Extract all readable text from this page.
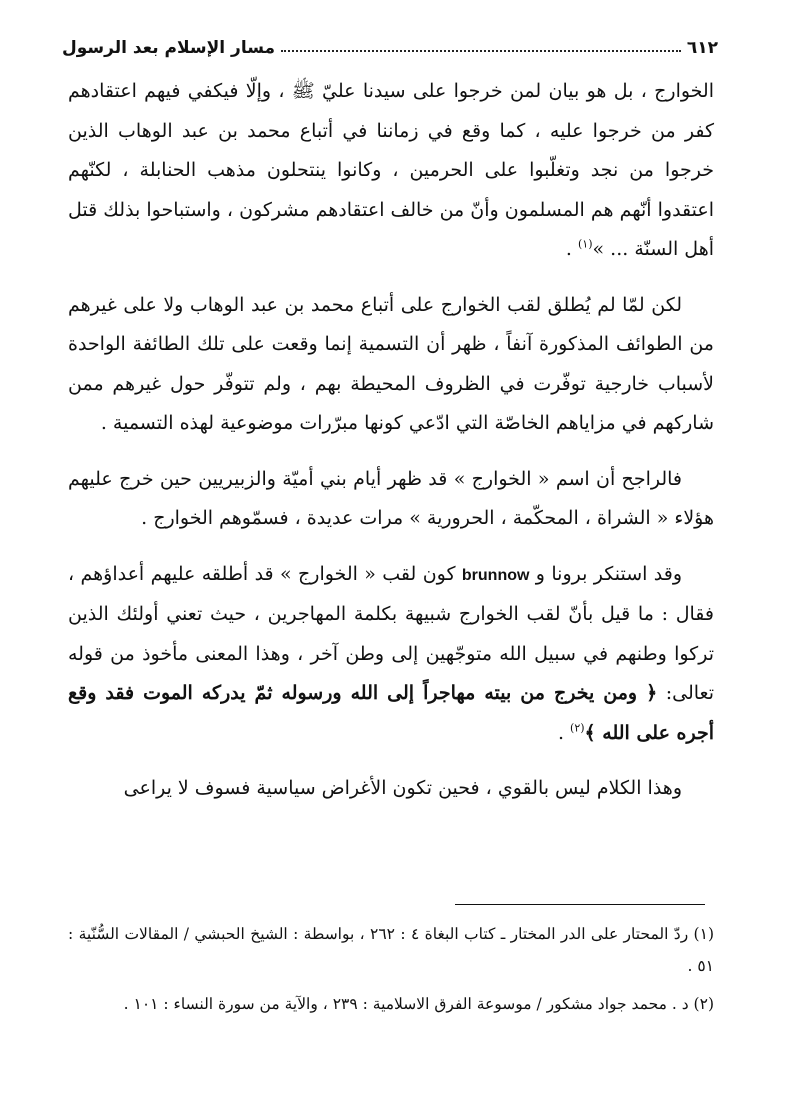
٦١٢
مسار الإسلام بعد الرسول

الخوارج ، بل هو بيان لمن خرجوا على سيدنا عليّ ﷺ ، وإلّا فيكفي فيهم اعتقادهم كفر من خرجوا عليه ، كما وقع في زماننا في أتباع محمد بن عبد الوهاب الذين خرجوا من نجد وتغلّبوا على الحرمين ، وكانوا ينتحلون مذهب الحنابلة ، لكنّهم اعتقدوا أنّهم هم المسلمون وأنّ من خالف اعتقادهم مشركون ، واستباحوا بذلك قتل أهل السنّة ... »$^{(١)}$ .

لكن لمّا لم يُطلق لقب الخوارج على أتباع محمد بن عبد الوهاب ولا على غيرهم من الطوائف المذكورة آنفاً ، ظهر أن التسمية إنما وقعت على تلك الطائفة الواحدة لأسباب خارجية توفّرت في الظروف المحيطة بهم ، ولم تتوفّر حول غيرهم ممن شاركهم في مزاياهم الخاصّة التي ادّعي كونها مبرّرات موضوعية لهذه التسمية .

فالراجح أن اسم « الخوارج » قد ظهر أيام بني أميّة والزبيريين حين خرج عليهم هؤلاء « الشراة ، المحكّمة ، الحرورية » مرات عديدة ، فسمّوهم الخوارج .

وقد استنكر برونا و brunnow كون لقب « الخوارج » قد أطلقه عليهم أعداؤهم ، فقال : ما قيل بأنّ لقب الخوارج شبيهة بكلمة المهاجرين ، حيث تعني أولئك الذين تركوا وطنهم في سبيل الله متوجّهين إلى وطن آخر ، وهذا المعنى مأخوذ من قوله تعالى: ﴿ ومن يخرج من بيته مهاجراً إلى الله ورسوله ثمّ يدركه الموت فقد وقع أجره على الله ﴾$^{(٢)}$ .

وهذا الكلام ليس بالقوي ، فحين تكون الأغراض سياسية فسوف لا يراعى

(١) ردّ المحتار على الدر المختار ـ كتاب البغاة ٤ : ٢٦٢ ، بواسطة : الشيخ الحبشي / المقالات السُّنّية : ٥١ .

(٢) د . محمد جواد مشكور / موسوعة الفرق الاسلامية : ٢٣٩ ، والآية من سورة النساء : ١٠١ .
